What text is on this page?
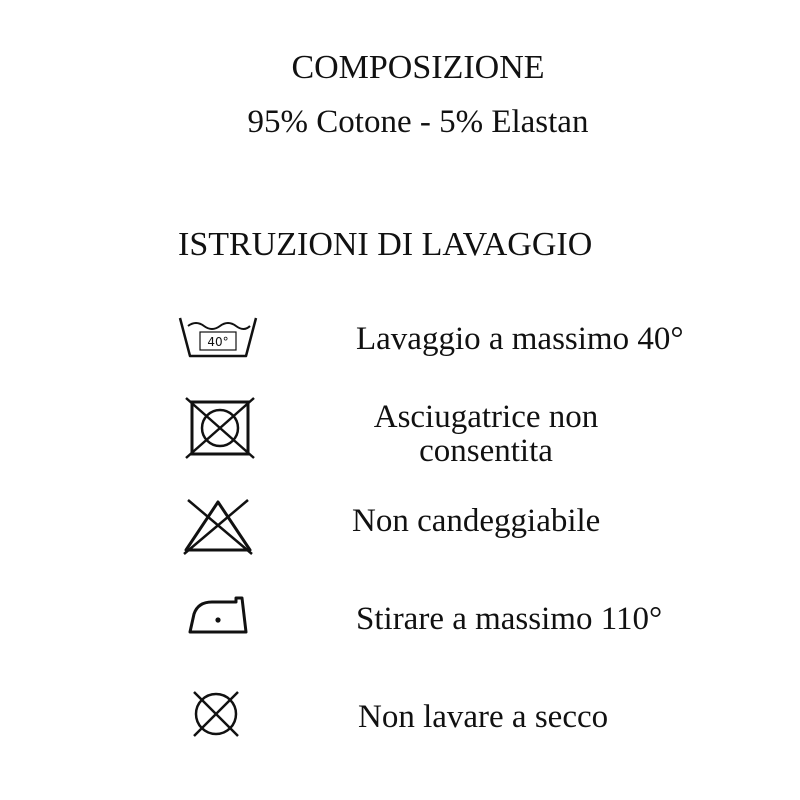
COMPOSIZIONE
95% Cotone - 5% Elastan
ISTRUZIONI DI LAVAGGIO
40°	Lavaggio a massimo 40°
Asciugatrice non consentita
Non candeggiabile
Stirare a massimo 110°
Non lavare a secco
